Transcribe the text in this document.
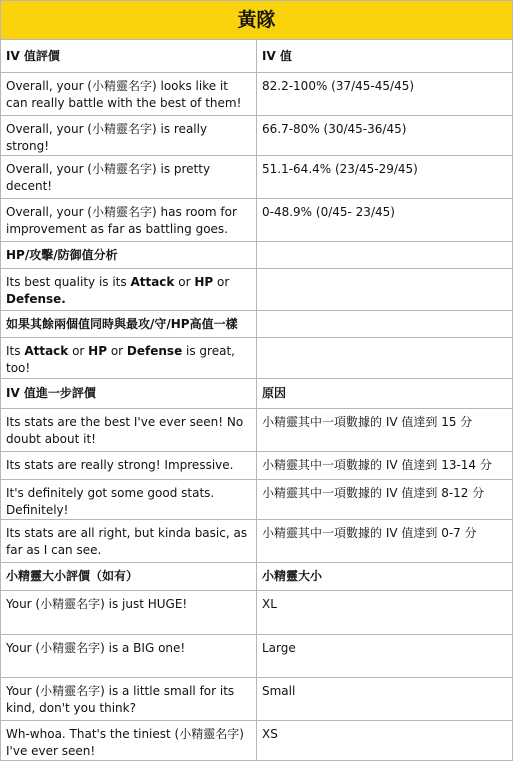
黃隊	
IV 值評價	IV 值
Overall, your (小精靈名字) looks like it can really battle with the best of them!	82.2-100% (37/45-45/45)
Overall, your (小精靈名字) is really strong!	66.7-80% (30/45-36/45)
Overall, your (小精靈名字) is pretty decent!	51.1-64.4% (23/45-29/45)
Overall, your (小精靈名字) has room for improvement as far as battling goes.	0-48.9% (0/45- 23/45)
HP/攻擊/防御值分析	
Its best quality is its Attack or HP or Defense.	
如果其餘兩個值同時與最攻/守/HP高值一樣	
Its Attack or HP or Defense is great, too!	
IV 值進一步評價	原因
Its stats are the best I've ever seen! No doubt about it!	小精靈其中一項數據的 IV 值達到 15 分
Its stats are really strong! Impressive.	小精靈其中一項數據的 IV 值達到 13-14 分
It's definitely got some good stats. Definitely!	小精靈其中一項數據的 IV 值達到 8-12 分
Its stats are all right, but kinda basic, as far as I can see.	小精靈其中一項數據的 IV 值達到 0-7 分
小精靈大小評價（如有）	小精靈大小
Your (小精靈名字) is just HUGE!	XL
Your (小精靈名字) is a BIG one!	Large
Your (小精靈名字) is a little small for its kind, don't you think?	Small
Wh-whoa. That's the tiniest (小精靈名字) I've ever seen!	XS
